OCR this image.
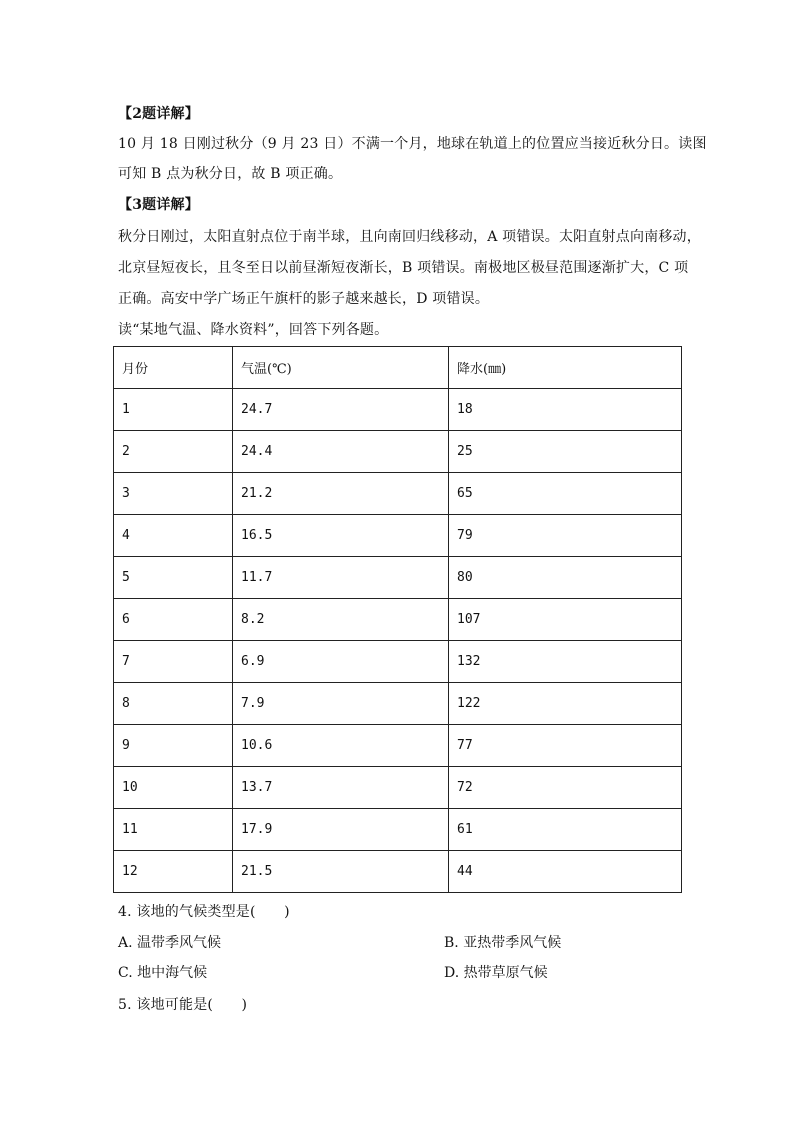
【2题详解】
10 月 18 日刚过秋分（9 月 23 日）不满一个月，地球在轨道上的位置应当接近秋分日。读图
可知 B 点为秋分日，故 B 项正确。
【3题详解】
秋分日刚过，太阳直射点位于南半球，且向南回归线移动，A 项错误。太阳直射点向南移动，
北京昼短夜长，且冬至日以前昼渐短夜渐长，B 项错误。南极地区极昼范围逐渐扩大，C 项
正确。高安中学广场正午旗杆的影子越来越长，D 项错误。
读“某地气温、降水资料”，回答下列各题。
月份	气温(℃)	降水(㎜)
1	24.7	18
2	24.4	25
3	21.2	65
4	16.5	79
5	11.7	80
6	8.2	107
7	6.9	132
8	7.9	122
9	10.6	77
10	13.7	72
11	17.9	61
12	21.5	44
4. 该地的气候类型是(　　)
A. 温带季风气候	B. 亚热带季风气候
C. 地中海气候	D. 热带草原气候
5. 该地可能是(　　)
